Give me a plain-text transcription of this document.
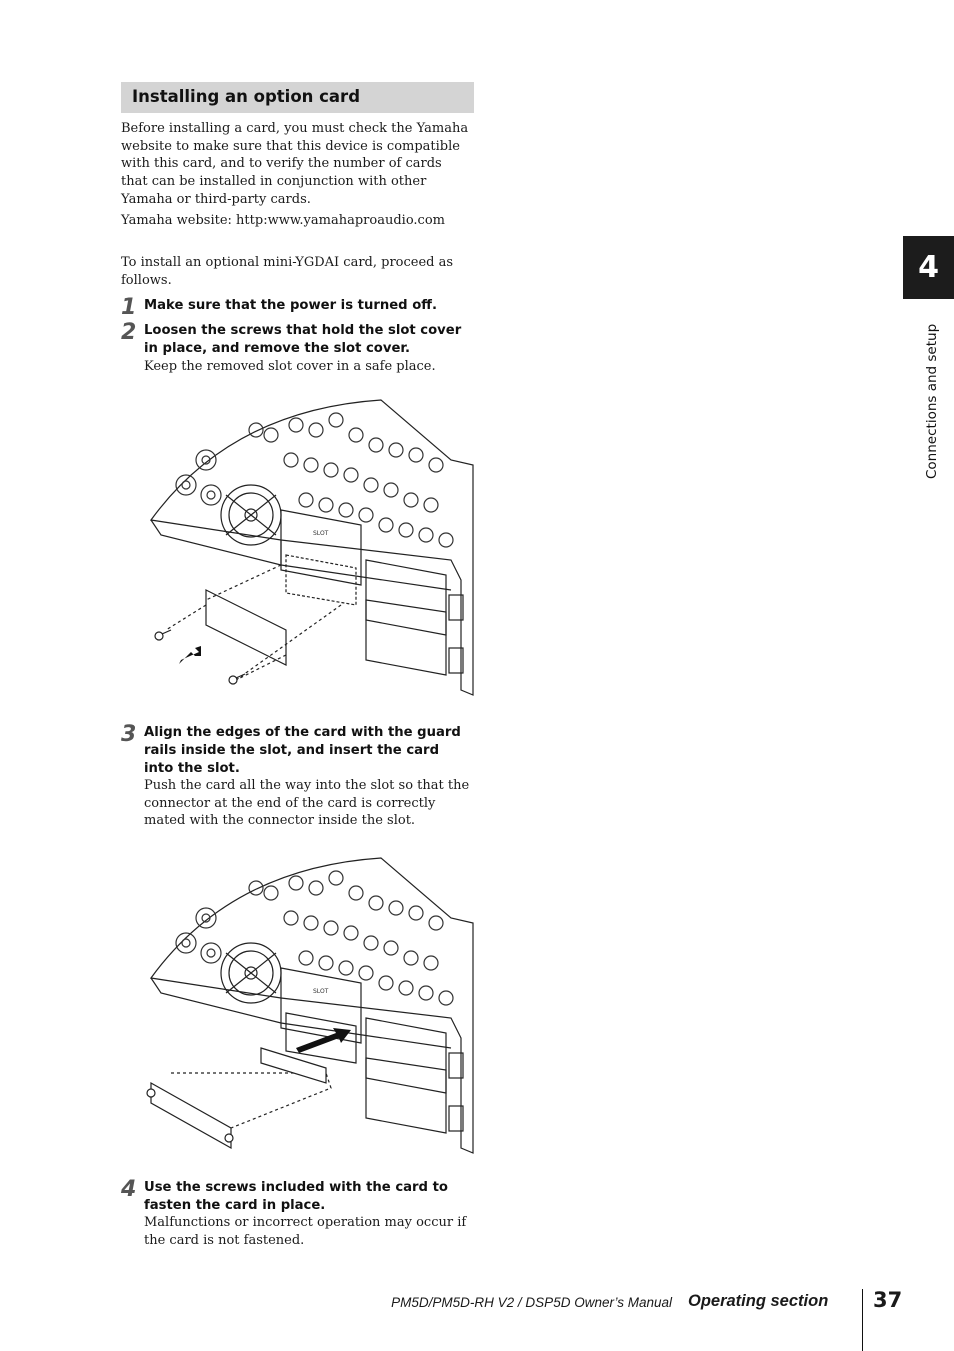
Installing an option card

Before installing a card, you must check the Yamaha website to make sure that this device is compatible with this card, and to verify the number of cards that can be installed in conjunction with other Yamaha or third-party cards.

Yamaha website: http:www.yamahaproaudio.com

To install an optional mini-YGDAI card, proceed as follows.

1 Make sure that the power is turned off.

2 Loosen the screws that hold the slot cover in place, and remove the slot cover.

Keep the removed slot cover in a safe place.

SLOT
3 Align the edges of the card with the guard rails inside the slot, and insert the card into the slot.

Push the card all the way into the slot so that the connector at the end of the card is correctly mated with the connector inside the slot.

SLOT
4 Use the screws included with the card to fasten the card in place.

Malfunctions or incorrect operation may occur if the card is not fastened.

4
Connections and setup
PM5D/PM5D-RH V2 / DSP5D Owner’s Manual Operating section 37
